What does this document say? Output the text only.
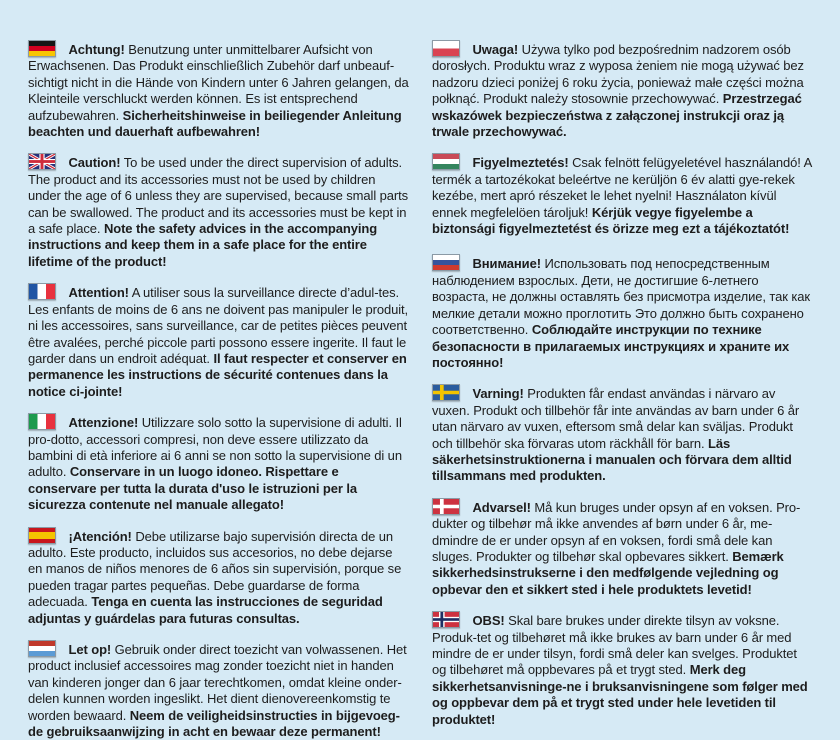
Achtung! Benutzung unter unmittelbarer Aufsicht von Erwachsenen. Das Produkt einschließlich Zubehör darf unbeauf-sichtigt nicht in die Hände von Kindern unter 6 Jahren gelangen, da Kleinteile verschluckt werden können. Es ist entsprechend aufzubewahren. Sicherheitshinweise in beiliegender Anleitung beachten und dauerhaft aufbewahren!

Caution! To be used under the direct supervision of adults. The product and its accessories must not be used by children under the age of 6 unless they are supervised, because small parts can be swallowed. The product and its accessories must be kept in a safe place. Note the safety advices in the accompanying instructions and keep them in a safe place for the entire lifetime of the product!

Attention! A utiliser sous la surveillance directe d’adul-tes. Les enfants de moins de 6 ans ne doivent pas manipuler le produit, ni les accessoires, sans surveillance, car de petites pièces peuvent être avalées, perché piccole parti possono essere ingerite. Il faut le garder dans un endroit adéquat. Il faut respecter et conserver en permanence les instructions de sécurité contenues dans la notice ci-jointe!

Attenzione! Utilizzare solo sotto la supervisione di adulti. Il pro-dotto, accessori compresi, non deve essere utilizzato da bambini di età inferiore ai 6 anni se non sotto la supervisione di un adulto. Conservare in un luogo idoneo. Rispettare e conservare per tutta la durata d'uso le istruzioni per la sicurezza contenute nel manuale allegato!

¡Atención! Debe utilizarse bajo supervisión directa de un adulto. Este producto, incluidos sus accesorios, no debe dejarse en manos de niños menores de 6 años sin supervisión, porque se pueden tragar partes pequeñas. Debe guardarse de forma adecuada. Tenga en cuenta las instrucciones de seguridad adjuntas y guárdelas para futuras consultas.

Let op! Gebruik onder direct toezicht van volwassenen. Het product inclusief accessoires mag zonder toezicht niet in handen van kinderen jonger dan 6 jaar terechtkomen, omdat kleine onder-delen kunnen worden ingeslikt. Het dient dienovereenkomstig te worden bewaard. Neem de veiligheidsinstructies in bijgevoeg-de gebruiksaanwijzing in acht en bewaar deze permanent!

Uwaga! Używa tylko pod bezpośrednim nadzorem osób dorosłych. Produktu wraz z wyposa żeniem nie mogą używać bez nadzoru dzieci poniżej 6 roku życia, ponieważ małe części można połknąć. Produkt należy stosownie przechowywać. Przestrzegać wskazówek bezpieczeństwa z załączonej instrukcji oraz ją trwale przechowywać.

Figyelmeztetés! Csak felnött felügyeletével használandó! A termék a tartozékokat beleértve ne kerüljön 6 év alatti gye-rekek kezébe, mert apró részeket le lehet nyelni! Használaton kívül ennek megfelelöen tároljuk! Kérjük vegye figyelembe a biztonsági figyelmeztetést és örizze meg ezt a tájékoztatót!

Внимание! Использовать под непосредственным наблюдением взрослых. Дети, не достигшие 6-летнего возраста, не должны оставлять без присмотра изделие, так как мелкие детали можно проглотить Это должно быть сохранено соответственно. Соблюдайте инструкции по технике безопасности в прилагаемых инструкциях и храните их постоянно!

Varning! Produkten får endast användas i närvaro av vuxen. Produkt och tillbehör får inte användas av barn under 6 år utan närvaro av vuxen, eftersom små delar kan sväljas. Produkt och tillbehör ska förvaras utom räckhåll för barn. Läs säkerhetsinstruktionerna i manualen och förvara dem alltid tillsammans med produkten.

Advarsel! Må kun bruges under opsyn af en voksen. Pro-dukter og tilbehør må ikke anvendes af børn under 6 år, me-dmindre de er under opsyn af en voksen, fordi små dele kan sluges. Produkter og tilbehør skal opbevares sikkert. Bemærk sikkerhedsinstrukserne i den medfølgende vejledning og opbevar den et sikkert sted i hele produktets levetid!

OBS! Skal bare brukes under direkte tilsyn av voksne. Produk-tet og tilbehøret må ikke brukes av barn under 6 år med mindre de er under tilsyn, fordi små deler kan svelges. Produktet og tilbehøret må oppbevares på et trygt sted. Merk deg sikkerhetsanvisninge-ne i bruksanvisningene som følger med og oppbevar dem på et trygt sted under hele levetiden til produktet!
